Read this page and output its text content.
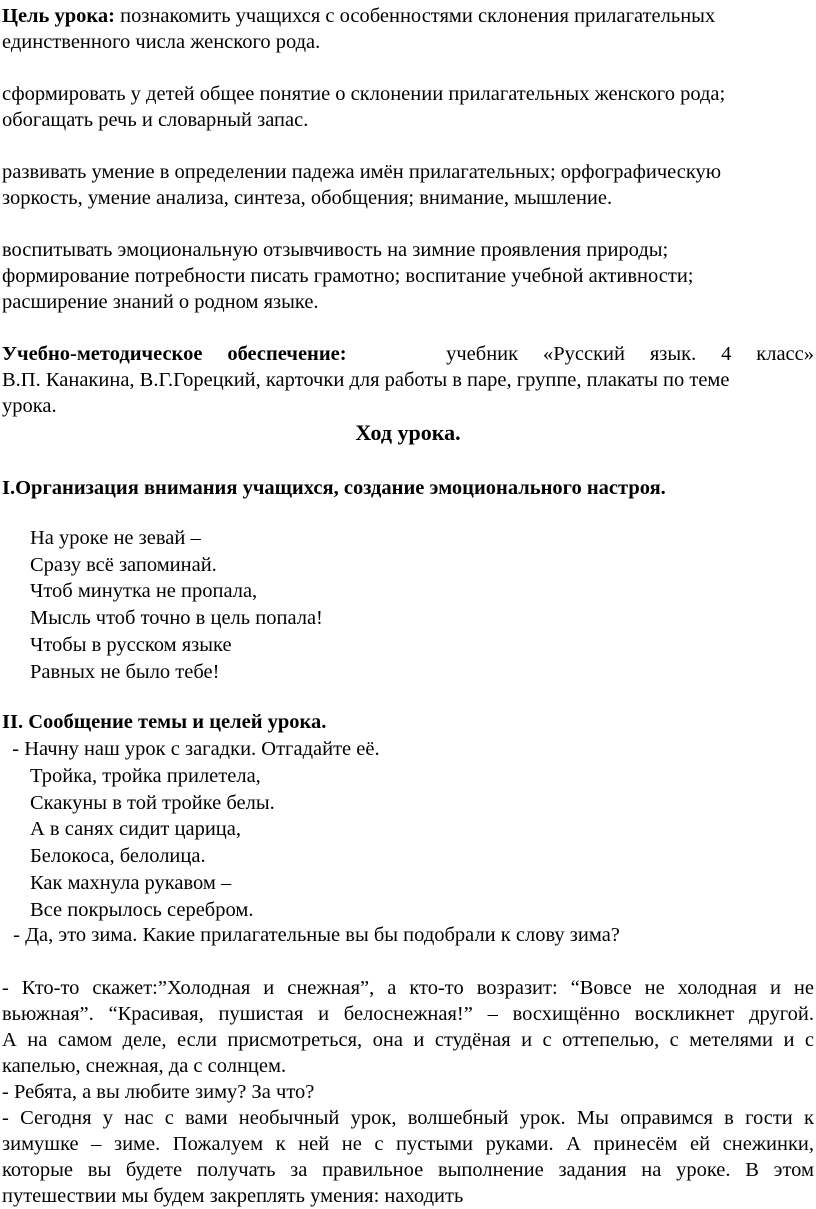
Цель урока: познакомить учащихся с особенностями склонения прилагательных
единственного числа женского рода.

сформировать у детей общее понятие о склонении прилагательных женского рода;
обогащать речь и словарный запас.

развивать умение в определении падежа имён прилагательных; орфографическую
зоркость, умение анализа, синтеза, обобщения; внимание, мышление.

воспитывать эмоциональную отзывчивость на зимние проявления природы;
формирование потребности писать грамотно; воспитание учебной активности;
расширение знаний о родном языке.

Учебно-методическое обеспечение:	учебник «Русский язык. 4 класс»
В.П. Канакина, В.Г.Горецкий, карточки для работы в паре, группе, плакаты по теме
урока.

Ход урока.
I.Организация внимания учащихся, создание эмоционального настроя.
На уроке не зевай –
Сразу всё запоминай.
Чтоб минутка не пропала,
Мысль чтоб точно в цель попала!
Чтобы в русском языке
Равных не было тебе!
II. Сообщение темы и целей урока.
- Начну наш урок с загадки. Отгадайте её.
Тройка, тройка прилетела,
Скакуны в той тройке белы.
А в санях сидит царица,
Белокоса, белолица.
Как махнула рукавом –
Все покрылось серебром.
- Да, это зима. Какие прилагательные вы бы подобрали к слову зима?

- Кто-то скажет:”Холодная и снежная”, а кто-то возразит: “Вовсе не холодная и не
вьюжная”. “Красивая, пушистая и белоснежная!” – восхищённо воскликнет другой.
А на самом деле, если присмотреться, она и студёная и с оттепелью, с метелями и с
капелью, снежная, да с солнцем.

- Ребята, а вы любите зиму? За что?

- Сегодня у нас с вами необычный урок, волшебный урок. Мы оправимся в гости к
зимушке – зиме. Пожалуем к ней не с пустыми руками. А принесём ей снежинки,
которые вы будете получать за правильное выполнение задания на уроке. В этом
путешествии мы будем закреплять умения: находить
